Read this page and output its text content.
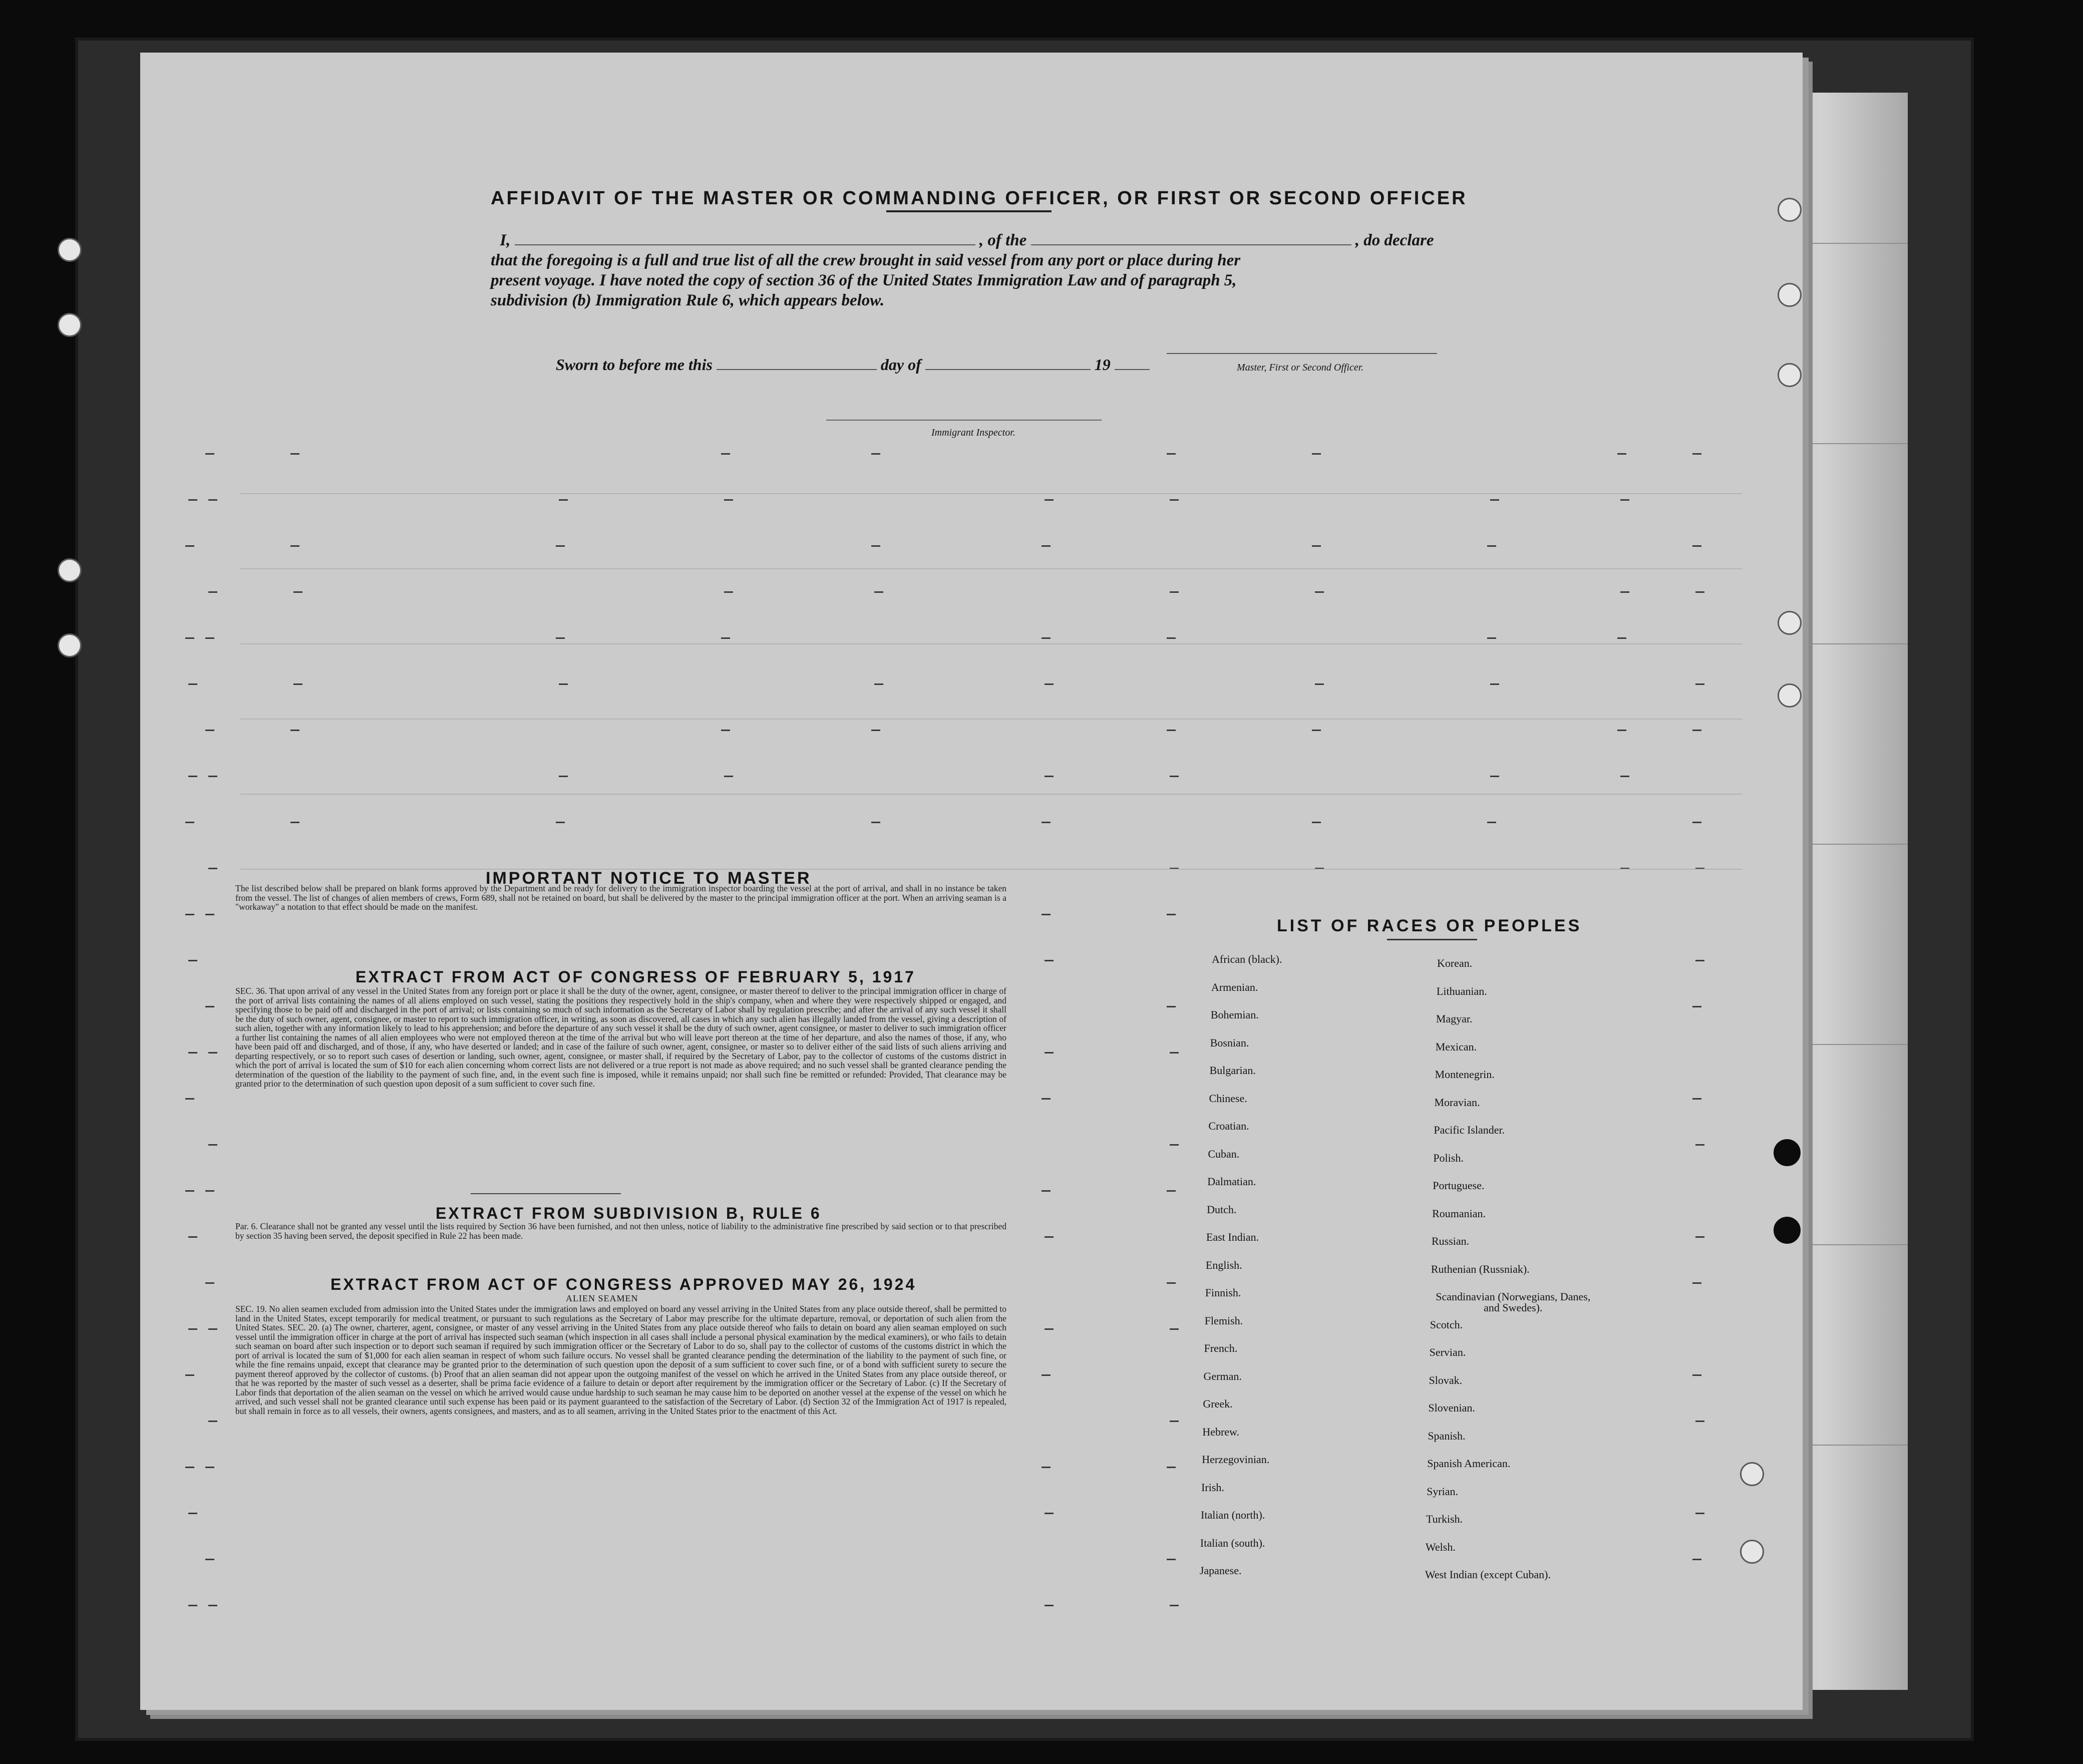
AFFIDAVIT OF THE MASTER OR COMMANDING OFFICER, OR FIRST OR SECOND OFFICER
I,	, of the	, do declare
that the foregoing is a full and true list of all the crew brought in said vessel from any port or place during her
present voyage. I have noted the copy of section 36 of the United States Immigration Law and of paragraph 5,
subdivision (b) Immigration Rule 6, which appears below.
Sworn to before me this	day of	19	Master, First or Second Officer.
Immigrant Inspector.
IMPORTANT NOTICE TO MASTER
The list described below shall be prepared on blank forms approved by the Department and be ready for delivery to the immigration inspector boarding the vessel at the port of arrival, and shall in no instance be taken from the vessel. The list of changes of alien members of crews, Form 689, shall not be retained on board, but shall be delivered by the master to the principal immigration officer at the port. When an arriving seaman is a "workaway" a notation to that effect should be made on the manifest.
EXTRACT FROM ACT OF CONGRESS OF FEBRUARY 5, 1917
SEC. 36. That upon arrival of any vessel in the United States from any foreign port or place it shall be the duty of the owner, agent, consignee, or master thereof to deliver to the principal immigration officer in charge of the port of arrival lists containing the names of all aliens employed on such vessel, stating the positions they respectively hold in the ship's company, when and where they were respectively shipped or engaged, and specifying those to be paid off and discharged in the port of arrival; or lists containing so much of such information as the Secretary of Labor shall by regulation prescribe; and after the arrival of any such vessel it shall be the duty of such owner, agent, consignee, or master to report to such immigration officer, in writing, as soon as discovered, all cases in which any such alien has illegally landed from the vessel, giving a description of such alien, together with any information likely to lead to his apprehension; and before the departure of any such vessel it shall be the duty of such owner, agent consignee, or master to deliver to such immigration officer a further list containing the names of all alien employees who were not employed thereon at the time of the arrival but who will leave port thereon at the time of her departure, and also the names of those, if any, who have been paid off and discharged, and of those, if any, who have deserted or landed; and in case of the failure of such owner, agent, consignee, or master so to deliver either of the said lists of such aliens arriving and departing respectively, or so to report such cases of desertion or landing, such owner, agent, consignee, or master shall, if required by the Secretary of Labor, pay to the collector of customs of the customs district in which the port of arrival is located the sum of $10 for each alien concerning whom correct lists are not delivered or a true report is not made as above required; and no such vessel shall be granted clearance pending the determination of the question of the liability to the payment of such fine, and, in the event such fine is imposed, while it remains unpaid; nor shall such fine be remitted or refunded: Provided, That clearance may be granted prior to the determination of such question upon deposit of a sum sufficient to cover such fine.
EXTRACT FROM SUBDIVISION B, RULE 6
Par. 6. Clearance shall not be granted any vessel until the lists required by Section 36 have been furnished, and not then unless, notice of liability to the administrative fine prescribed by said section or to that prescribed by section 35 having been served, the deposit specified in Rule 22 has been made.
EXTRACT FROM ACT OF CONGRESS APPROVED MAY 26, 1924
ALIEN SEAMEN
SEC. 19. No alien seamen excluded from admission into the United States under the immigration laws and employed on board any vessel arriving in the United States from any place outside thereof, shall be permitted to land in the United States, except temporarily for medical treatment, or pursuant to such regulations as the Secretary of Labor may prescribe for the ultimate departure, removal, or deportation of such alien from the United States. SEC. 20. (a) The owner, charterer, agent, consignee, or master of any vessel arriving in the United States from any place outside thereof who fails to detain on board any alien seaman employed on such vessel until the immigration officer in charge at the port of arrival has inspected such seaman (which inspection in all cases shall include a personal physical examination by the medical examiners), or who fails to detain such seaman on board after such inspection or to deport such seaman if required by such immigration officer or the Secretary of Labor to do so, shall pay to the collector of customs of the customs district in which the port of arrival is located the sum of $1,000 for each alien seaman in respect of whom such failure occurs. No vessel shall be granted clearance pending the determination of the liability to the payment of such fine, or while the fine remains unpaid, except that clearance may be granted prior to the determination of such question upon the deposit of a sum sufficient to cover such fine, or of a bond with sufficient surety to secure the payment thereof approved by the collector of customs. (b) Proof that an alien seaman did not appear upon the outgoing manifest of the vessel on which he arrived in the United States from any place outside thereof, or that he was reported by the master of such vessel as a deserter, shall be prima facie evidence of a failure to detain or deport after requirement by the immigration officer or the Secretary of Labor. (c) If the Secretary of Labor finds that deportation of the alien seaman on the vessel on which he arrived would cause undue hardship to such seaman he may cause him to be deported on another vessel at the expense of the vessel on which he arrived, and such vessel shall not be granted clearance until such expense has been paid or its payment guaranteed to the satisfaction of the Secretary of Labor. (d) Section 32 of the Immigration Act of 1917 is repealed, but shall remain in force as to all vessels, their owners, agents consignees, and masters, and as to all seamen, arriving in the United States prior to the enactment of this Act.
LIST OF RACES OR PEOPLES
African (black).
Armenian.
Bohemian.
Bosnian.
Bulgarian.
Chinese.
Croatian.
Cuban.
Dalmatian.
Dutch.
East Indian.
English.
Finnish.
Flemish.
French.
German.
Greek.
Hebrew.
Herzegovinian.
Irish.
Italian (north).
Italian (south).
Japanese.
Korean.
Lithuanian.
Magyar.
Mexican.
Montenegrin.
Moravian.
Pacific Islander.
Polish.
Portuguese.
Roumanian.
Russian.
Ruthenian (Russniak).
Scandinavian (Norwegians, Danes, and Swedes).
Scotch.
Servian.
Slovak.
Slovenian.
Spanish.
Spanish American.
Syrian.
Turkish.
Welsh.
West Indian (except Cuban).
